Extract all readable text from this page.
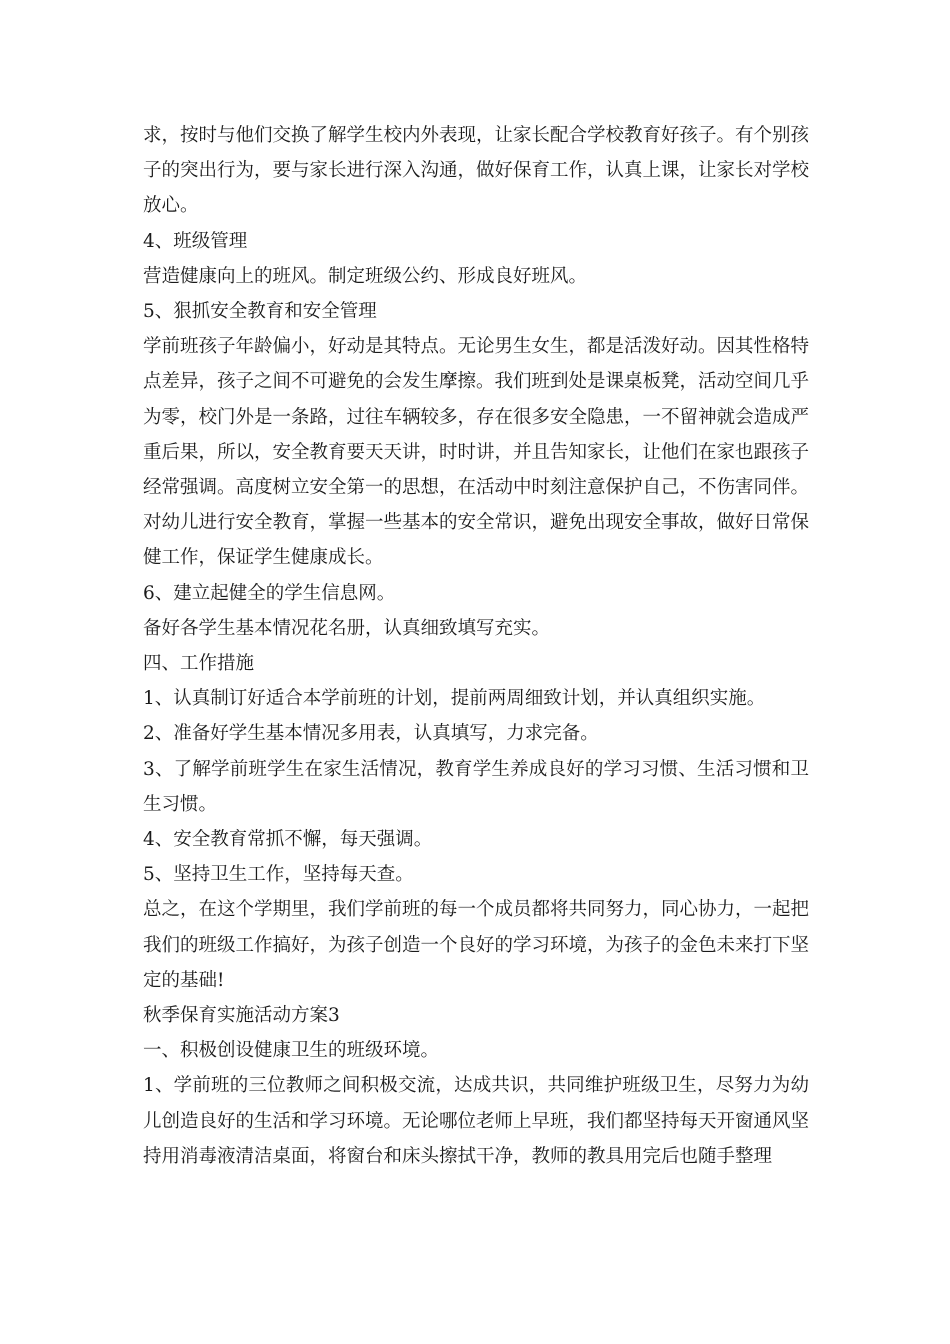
求，按时与他们交换了解学生校内外表现，让家长配合学校教育好孩子。有个别孩子的突出行为，要与家长进行深入沟通，做好保育工作，认真上课，让家长对学校放心。

4、班级管理

营造健康向上的班风。制定班级公约、形成良好班风。

5、狠抓安全教育和安全管理

学前班孩子年龄偏小，好动是其特点。无论男生女生，都是活泼好动。因其性格特点差异，孩子之间不可避免的会发生摩擦。我们班到处是课桌板凳，活动空间几乎为零，校门外是一条路，过往车辆较多，存在很多安全隐患，一不留神就会造成严重后果，所以，安全教育要天天讲，时时讲，并且告知家长，让他们在家也跟孩子经常强调。高度树立安全第一的思想，在活动中时刻注意保护自己，不伤害同伴。对幼儿进行安全教育，掌握一些基本的安全常识，避免出现安全事故，做好日常保健工作，保证学生健康成长。

6、建立起健全的学生信息网。

备好各学生基本情况花名册，认真细致填写充实。

四、工作措施

1、认真制订好适合本学前班的计划，提前两周细致计划，并认真组织实施。

2、准备好学生基本情况多用表，认真填写，力求完备。

3、了解学前班学生在家生活情况，教育学生养成良好的学习习惯、生活习惯和卫生习惯。

4、安全教育常抓不懈，每天强调。

5、坚持卫生工作，坚持每天查。

总之，在这个学期里，我们学前班的每一个成员都将共同努力，同心协力，一起把我们的班级工作搞好，为孩子创造一个良好的学习环境，为孩子的金色未来打下坚定的基础!

秋季保育实施活动方案3

一、积极创设健康卫生的班级环境。

1、学前班的三位教师之间积极交流，达成共识，共同维护班级卫生，尽努力为幼儿创造良好的生活和学习环境。无论哪位老师上早班，我们都坚持每天开窗通风坚持用消毒液清洁桌面，将窗台和床头擦拭干净，教师的教具用完后也随手整理
